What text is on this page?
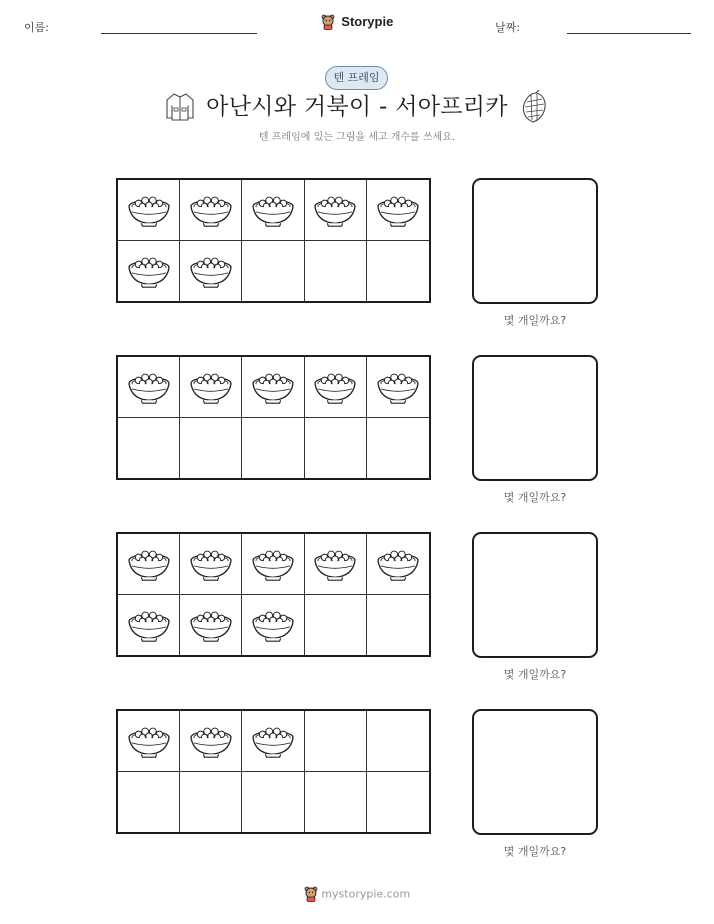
이름:	Storypie	날짜:
텐 프레임
아난시와 거북이 - 서아프리카
텐 프레임에 있는 그림을 세고 개수를 쓰세요.
몇 개일까요?
몇 개일까요?
몇 개일까요?
몇 개일까요?
mystorypie.com
